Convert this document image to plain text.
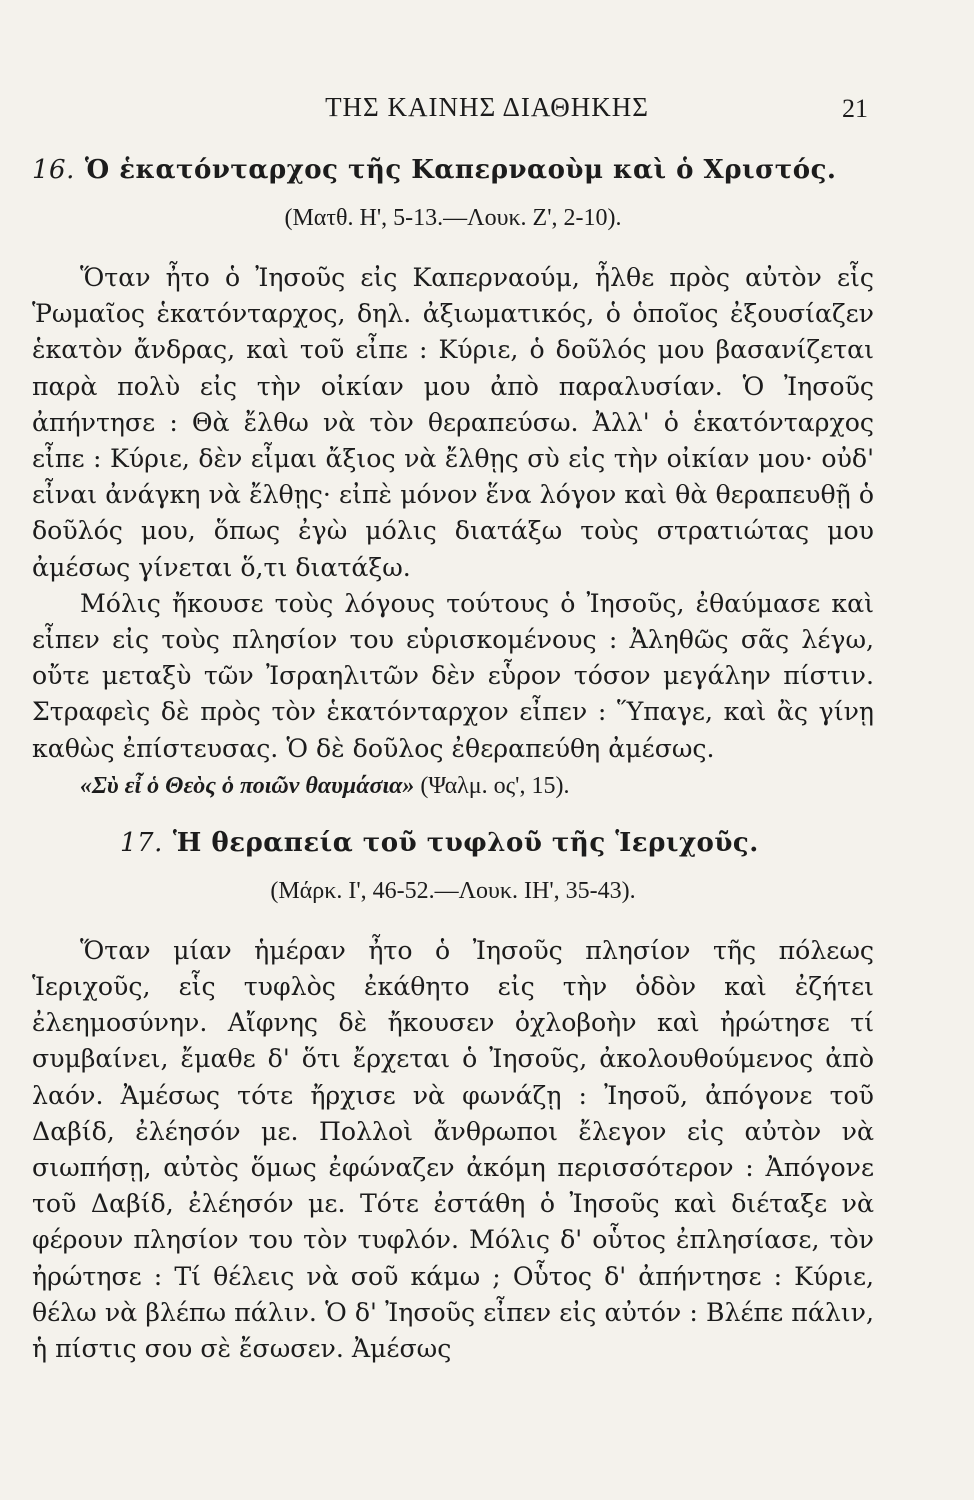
ΤΗΣ ΚΑΙΝΗΣ ΔΙΑΘΗΚΗΣ	21
16. Ὁ ἑκατόνταρχος τῆς Καπερναοὺμ καὶ ὁ Χριστός.
(Ματθ. Η', 5-13.—Λουκ. Ζ', 2-10).

Ὅταν ἦτο ὁ Ἰησοῦς εἰς Καπερναούμ, ἦλθε πρὸς αὐτὸν εἷς Ῥωμαῖος ἑκατόνταρχος, δηλ. ἀξιωματικός, ὁ ὁποῖος ἐξουσίαζεν ἑκατὸν ἄνδρας, καὶ τοῦ εἶπε : Κύριε, ὁ δοῦλός μου βασανίζεται παρὰ πολὺ εἰς τὴν οἰκίαν μου ἀπὸ παραλυσίαν. Ὁ Ἰησοῦς ἀπήντησε : Θὰ ἔλθω νὰ τὸν θεραπεύσω. Ἀλλ' ὁ ἑκατόνταρχος εἶπε : Κύριε, δὲν εἶμαι ἄξιος νὰ ἔλθῃς σὺ εἰς τὴν οἰκίαν μου· οὐδ' εἶναι ἀνάγκη νὰ ἔλθῃς· εἰπὲ μόνον ἕνα λόγον καὶ θὰ θεραπευθῇ ὁ δοῦλός μου, ὅπως ἐγὼ μόλις διατάξω τοὺς στρατιώτας μου ἀμέσως γίνεται ὅ,τι διατάξω.

Μόλις ἤκουσε τοὺς λόγους τούτους ὁ Ἰησοῦς, ἐθαύμασε καὶ εἶπεν εἰς τοὺς πλησίον του εὑρισκομένους : Ἀληθῶς σᾶς λέγω, οὔτε μεταξὺ τῶν Ἰσραηλιτῶν δὲν εὗρον τόσον μεγάλην πίστιν. Στραφεὶς δὲ πρὸς τὸν ἑκατόνταρχον εἶπεν : Ὕπαγε, καὶ ἂς γίνῃ καθὼς ἐπίστευσας. Ὁ δὲ δοῦλος ἐθεραπεύθη ἀμέσως.

«Σὺ εἶ ὁ Θεὸς ὁ ποιῶν θαυμάσια» (Ψαλμ. ος', 15).

17. Ἡ θεραπεία τοῦ τυφλοῦ τῆς Ἱεριχοῦς.
(Μάρκ. Ι', 46-52.—Λουκ. ΙΗ', 35-43).

Ὅταν μίαν ἡμέραν ἦτο ὁ Ἰησοῦς πλησίον τῆς πόλεως Ἱεριχοῦς, εἷς τυφλὸς ἐκάθητο εἰς τὴν ὁδὸν καὶ ἐζήτει ἐλεημοσύνην. Αἴφνης δὲ ἤκουσεν ὀχλοβοὴν καὶ ἠρώτησε τί συμβαίνει, ἔμαθε δ' ὅτι ἔρχεται ὁ Ἰησοῦς, ἀκολουθούμενος ἀπὸ λαόν. Ἀμέσως τότε ἤρχισε νὰ φωνάζῃ : Ἰησοῦ, ἀπόγονε τοῦ Δαβίδ, ἐλέησόν με. Πολλοὶ ἄνθρωποι ἔλεγον εἰς αὐτὸν νὰ σιωπήσῃ, αὐτὸς ὅμως ἐφώναζεν ἀκόμη περισσότερον : Ἀπόγονε τοῦ Δαβίδ, ἐλέησόν με. Τότε ἐστάθη ὁ Ἰησοῦς καὶ διέταξε νὰ φέρουν πλησίον του τὸν τυφλόν. Μόλις δ' οὗτος ἐπλησίασε, τὸν ἠρώτησε : Τί θέλεις νὰ σοῦ κάμω ; Οὗτος δ' ἀπήντησε : Κύριε, θέλω νὰ βλέπω πάλιν. Ὁ δ' Ἰησοῦς εἶπεν εἰς αὐτόν : Βλέπε πάλιν, ἡ πίστις σου σὲ ἔσωσεν. Ἀμέσως
